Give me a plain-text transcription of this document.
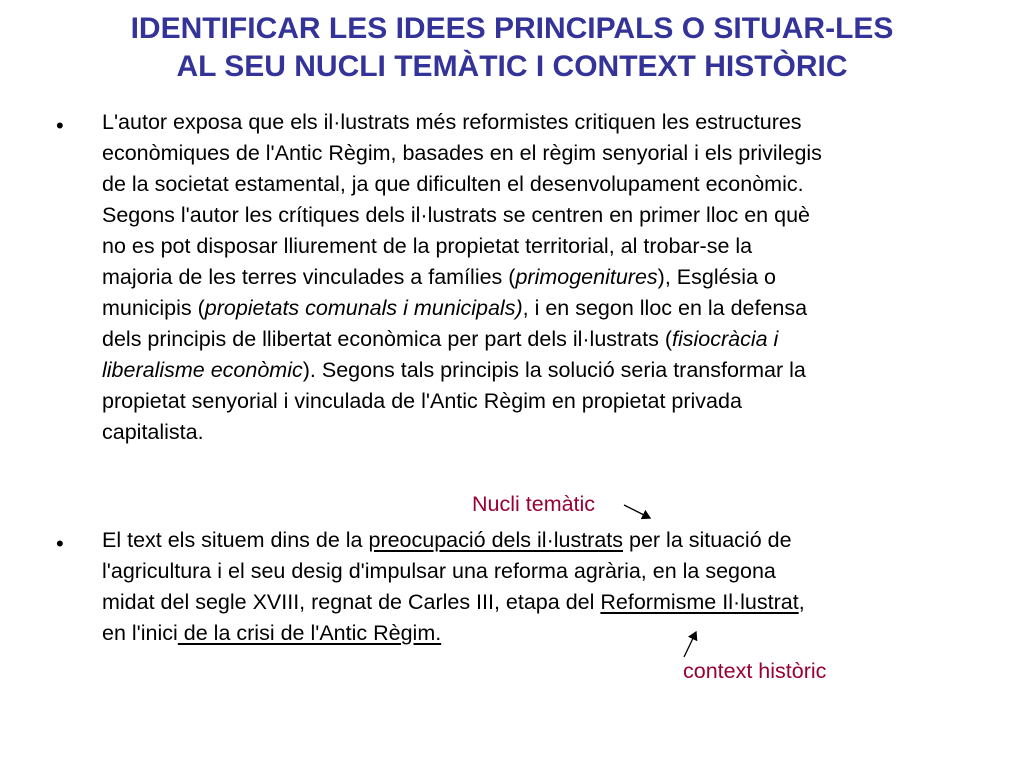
IDENTIFICAR LES IDEES PRINCIPALS O SITUAR-LES
AL SEU NUCLI TEMÀTIC I CONTEXT HISTÒRIC
• L'autor exposa que els il·lustrats més reformistes critiquen les estructures
econòmiques de l'Antic Règim, basades en el règim senyorial i els privilegis
de la societat estamental, ja que dificulten el desenvolupament econòmic.
Segons l'autor les crítiques dels il·lustrats se centren en primer lloc en què
no es pot disposar lliurement de la propietat territorial, al trobar-se la
majoria de les terres vinculades a famílies (primogenitures), Església o
municipis (propietats comunals i municipals), i en segon lloc en la defensa
dels principis de llibertat econòmica per part dels il·lustrats (fisiocràcia i
liberalisme econòmic). Segons tals principis la solució seria transformar la
propietat senyorial i vinculada de l'Antic Règim en propietat privada
capitalista.
Nucli temàtic
• El text els situem dins de la preocupació dels il·lustrats per la situació de
l'agricultura i el seu desig d'impulsar una reforma agrària, en la segona
midat del segle XVIII, regnat de Carles III, etapa del Reformisme Il·lustrat,
en l'inici de la crisi de l'Antic Règim.
context històric
